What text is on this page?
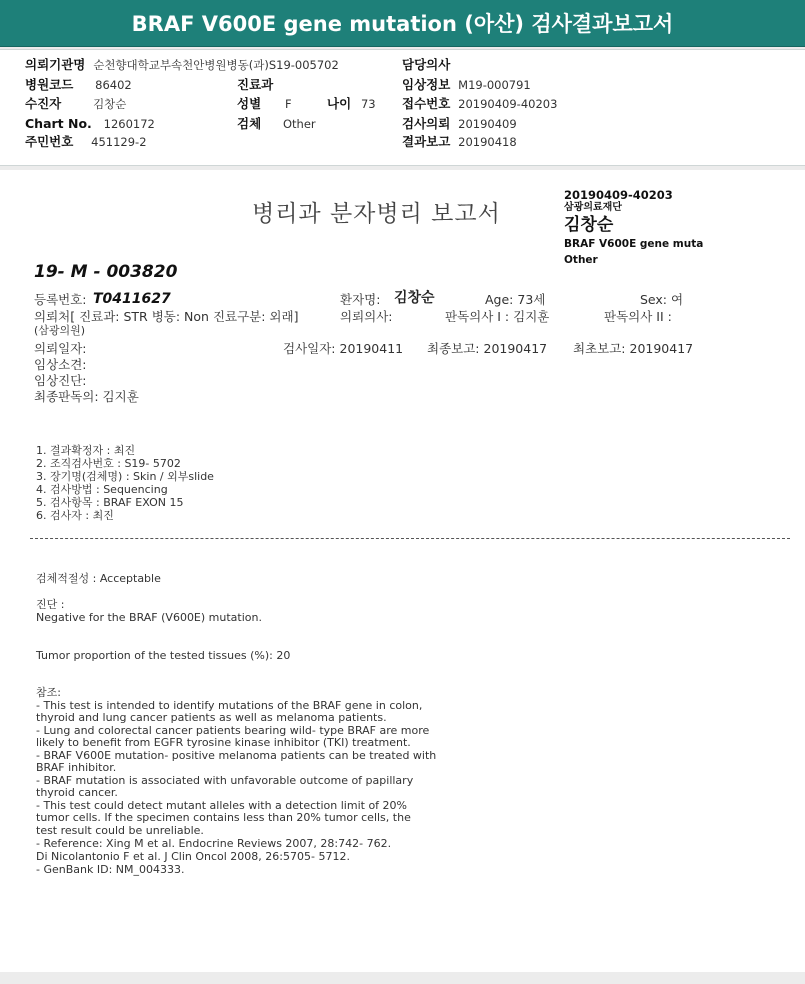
BRAF V600E gene mutation (아산) 검사결과보고서
의뢰기관명 순천향대학교부속천안병원병동(과)S19-005702	담당의사
병원코드 86402	진료과	임상정보 M19-000791
수진자	김창순	성별 F	나이 73 접수번호 20190409-40203
Chart No. 1260172	검체 Other	검사의뢰 20190409
주민번호 451129-2	결과보고 20190418
병리과 분자병리 보고서
20190409-40203
삼광의료재단
김창순
BRAF V600E gene muta
Other
19- M - 003820
등록번호: T0411627	환자명: 김창순	Age: 73세	Sex: 여
의뢰처[ 진료과: STR 병동: Non 진료구분: 외래]	의뢰의사:	판독의사 I : 김지훈	판독의사 II :
(삼광의원)
의뢰일자:	검사일자: 20190411 최종보고: 20190417 최초보고: 20190417
임상소견:
임상진단:
최종판독의: 김지훈
1. 결과확정자 : 최진
2. 조직검사번호 : S19- 5702
3. 장기명(검체명) : Skin / 외부slide
4. 검사방법 : Sequencing
5. 검사항목 : BRAF EXON 15
6. 검사자 : 최진
검체적절성 : Acceptable
진단 :
Negative for the BRAF (V600E) mutation.
Tumor proportion of the tested tissues (%): 20
참조:
- This test is intended to identify mutations of the BRAF gene in colon,
thyroid and lung cancer patients as well as melanoma patients.
- Lung and colorectal cancer patients bearing wild- type BRAF are more
likely to benefit from EGFR tyrosine kinase inhibitor (TKI) treatment.
- BRAF V600E mutation- positive melanoma patients can be treated with
BRAF inhibitor.
- BRAF mutation is associated with unfavorable outcome of papillary
thyroid cancer.
- This test could detect mutant alleles with a detection limit of 20%
tumor cells. If the specimen contains less than 20% tumor cells, the
test result could be unreliable.
- Reference: Xing M et al. Endocrine Reviews 2007, 28:742- 762.
Di Nicolantonio F et al. J Clin Oncol 2008, 26:5705- 5712.
- GenBank ID: NM_004333.
